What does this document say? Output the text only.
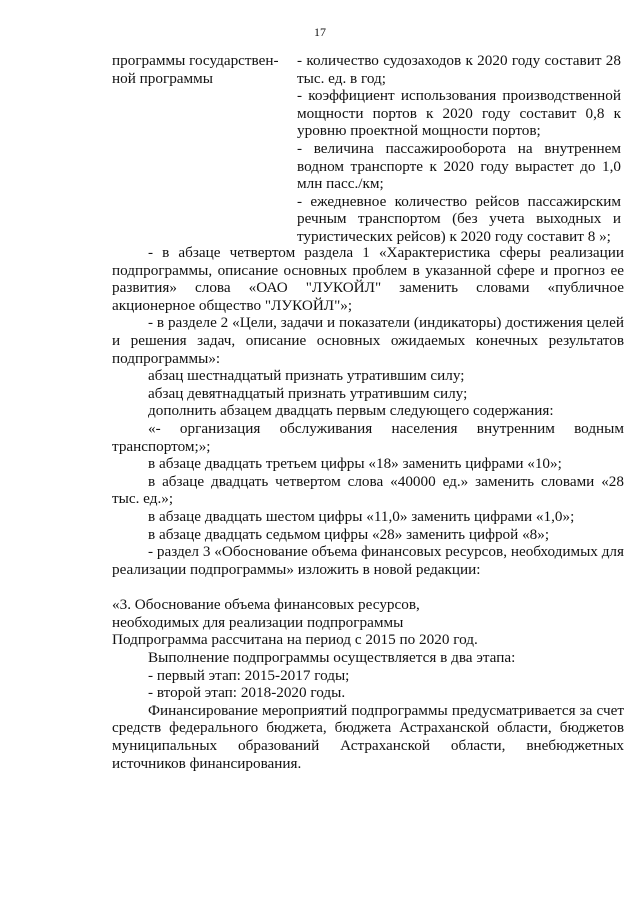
17
программы государствен-ной программы

- количество судозаходов к 2020 году составит 28 тыс. ед. в год;

- коэффициент использования производственной мощности портов к 2020 году составит 0,8 к уровню проектной мощности портов;

- величина пассажирооборота на внутреннем водном транспорте к 2020 году вырастет до 1,0 млн пасс./км;

- ежедневное количество рейсов пассажирским речным транспортом (без учета выходных и туристических рейсов) к 2020 году составит 8 »;

- в абзаце четвертом раздела 1 «Характеристика сферы реализации подпрограммы, описание основных проблем в указанной сфере и прогноз ее развития» слова «ОАО "ЛУКОЙЛ" заменить словами «публичное акционерное общество "ЛУКОЙЛ"»;

- в разделе 2 «Цели, задачи и показатели (индикаторы) достижения целей и решения задач, описание основных ожидаемых конечных результатов подпрограммы»:

абзац шестнадцатый признать утратившим силу;

абзац девятнадцатый признать утратившим силу;

дополнить абзацем двадцать первым следующего содержания:

«- организация обслуживания населения внутренним водным транспортом;»;

в абзаце двадцать третьем цифры «18» заменить цифрами «10»;

в абзаце двадцать четвертом слова «40000 ед.» заменить словами «28 тыс. ед.»;

в абзаце двадцать шестом цифры «11,0» заменить цифрами «1,0»;

в абзаце двадцать седьмом цифры «28» заменить цифрой «8»;

- раздел 3 «Обоснование объема финансовых ресурсов, необходимых для реализации подпрограммы» изложить в новой редакции:

«3. Обоснование объема финансовых ресурсов,

необходимых для реализации подпрограммы

Подпрограмма рассчитана на период с 2015 по 2020 год.

Выполнение подпрограммы осуществляется в два этапа:

- первый этап: 2015-2017 годы;

- второй этап: 2018-2020 годы.

Финансирование мероприятий подпрограммы предусматривается за счет средств федерального бюджета, бюджета Астраханской области, бюджетов муниципальных образований Астраханской области, внебюджетных источников финансирования.
